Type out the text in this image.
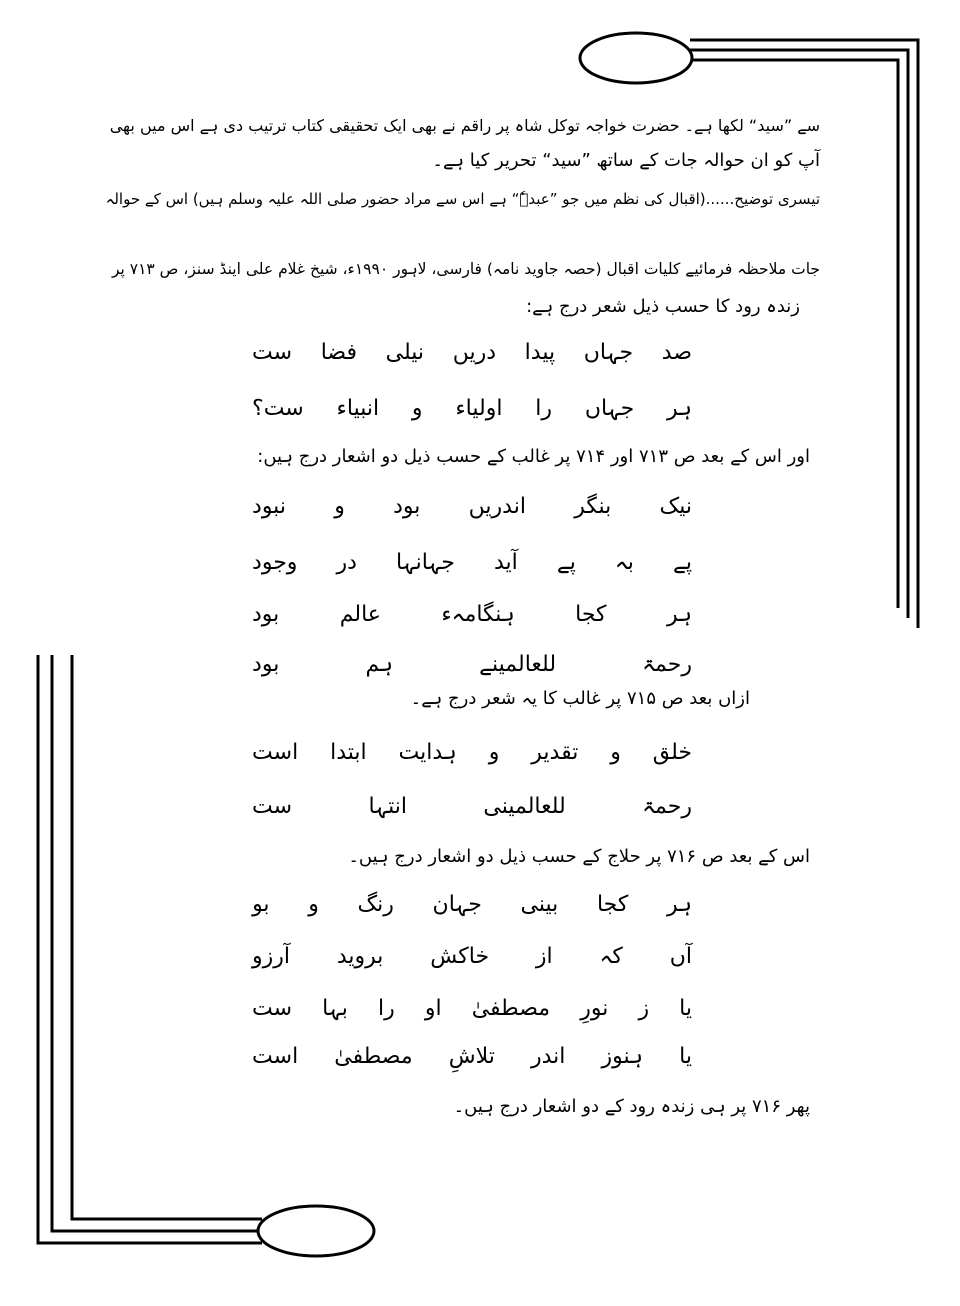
سے ”سید“ لکھا ہے۔ حضرت خواجہ توکل شاہ پر راقم نے بھی ایک تحقیقی کتاب ترتیب دی ہے اس میں بھی
آپ کو ان حوالہ جات کے ساتھ ”سید“ تحریر کیا ہے۔
تیسری توضیح......(اقبال کی نظم میں جو ”عبدہٗ“ ہے اس سے مراد حضور صلی اللہ علیہ وسلم ہیں) اس کے حوالہ
جات ملاحظہ فرمائیے کلیات اقبال (حصہ جاوید نامہ) فارسی، لاہور ۱۹۹۰ء، شیخ غلام علی اینڈ سنز، ص ۷۱۳ پر
زندہ رود کا حسب ذیل شعر درج ہے:
اور اس کے بعد ص ۷۱۳ اور ۷۱۴ پر غالب کے حسب ذیل دو اشعار درج ہیں:
ازاں بعد ص ۷۱۵ پر غالب کا یہ شعر درج ہے۔
اس کے بعد ص ۷۱۶ پر حلاج کے حسب ذیل دو اشعار درج ہیں۔
پھر ۷۱۶ پر ہی زندہ رود کے دو اشعار درج ہیں۔
صد
جہاں
پیدا
دریں
نیلی
فضا
ست
ہر
جہاں
را
اولیاء
و
انبیاء
ست؟
نیک
بنگر
اندریں
بود
و
نبود
پے
بہ
پے
آید
جہانہا
در
وجود
ہر
کجا
ہنگامہء
عالم
بود
رحمۃ
للعالمینے
ہم
بود
خلق
و
تقدیر
و
ہدایت
ابتدا
است
رحمۃ
للعالمینی
انتہا
ست
ہر
کجا
بینی
جہان
رنگ
و
بو
آں
کہ
از
خاکش
بروید
آرزو
یا
ز
نورِ
مصطفیٰ
او
را
بہا
ست
یا
ہنوز
اندر
تلاشِ
مصطفیٰ
است
